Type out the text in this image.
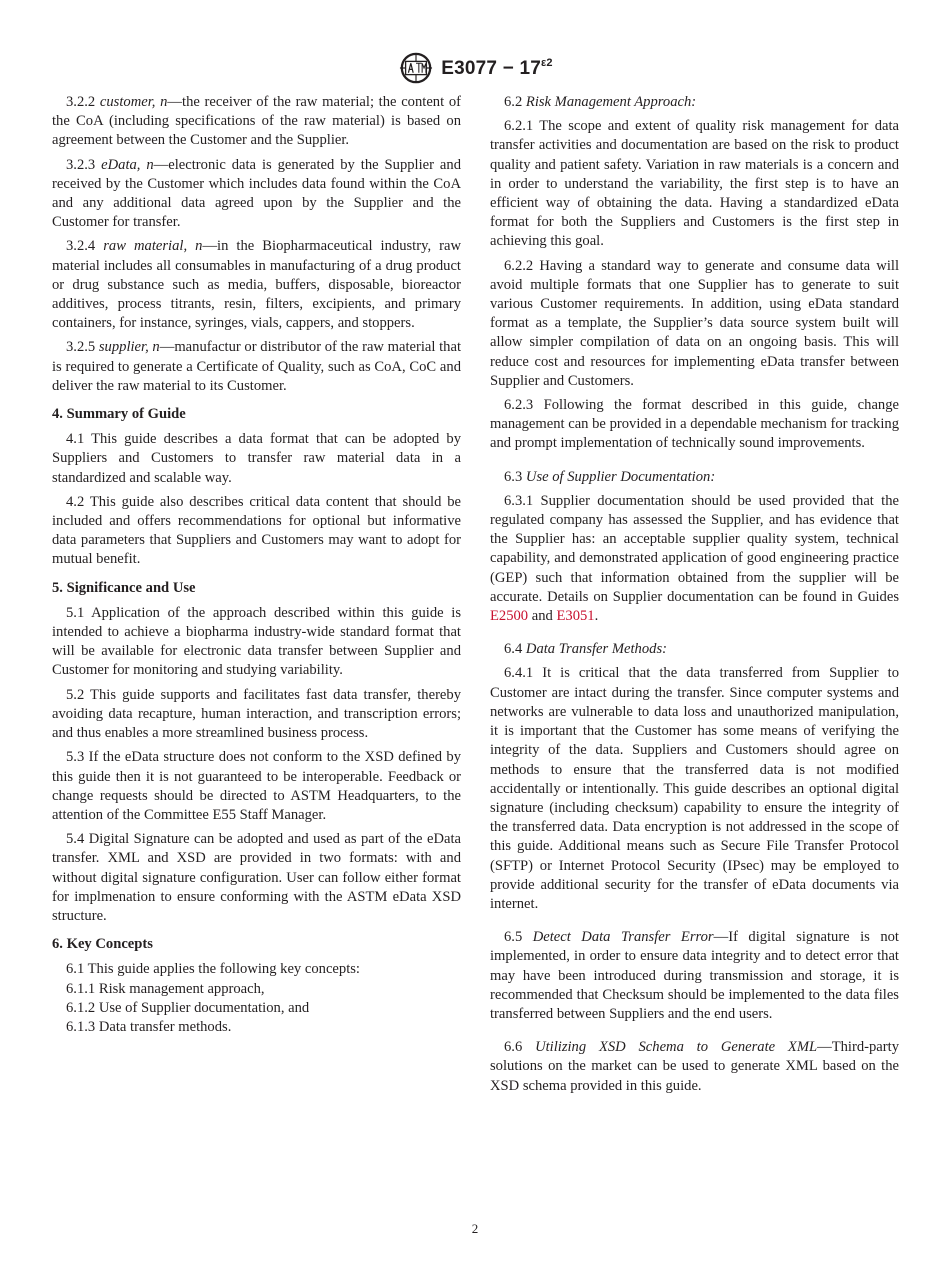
$E3077 - 17^{\varepsilon 2}$

3.2.2 customer, n—the receiver of the raw material; the content of the CoA (including specifications of the raw material) is based on agreement between the Customer and the Supplier.

3.2.3 eData, n—electronic data is generated by the Supplier and received by the Customer which includes data found within the CoA and any additional data agreed upon by the Supplier and the Customer for transfer.

3.2.4 raw material, n—in the Biopharmaceutical industry, raw material includes all consumables in manufacturing of a drug product or drug substance such as media, buffers, disposable, bioreactor additives, process titrants, resin, filters, excipients, and primary containers, for instance, syringes, vials, cappers, and stoppers.

3.2.5 supplier, n—manufactur or distributor of the raw material that is required to generate a Certificate of Quality, such as CoA, CoC and deliver the raw material to its Customer.

4. Summary of Guide

4.1 This guide describes a data format that can be adopted by Suppliers and Customers to transfer raw material data in a standardized and scalable way.

4.2 This guide also describes critical data content that should be included and offers recommendations for optional but informative data parameters that Suppliers and Customers may want to adopt for mutual benefit.

5. Significance and Use

5.1 Application of the approach described within this guide is intended to achieve a biopharma industry-wide standard format that will be available for electronic data transfer between Supplier and Customer for monitoring and studying variability.

5.2 This guide supports and facilitates fast data transfer, thereby avoiding data recapture, human interaction, and transcription errors; and thus enables a more streamlined business process.

5.3 If the eData structure does not conform to the XSD defined by this guide then it is not guaranteed to be interoperable. Feedback or change requests should be directed to ASTM Headquarters, to the attention of the Committee E55 Staff Manager.

5.4 Digital Signature can be adopted and used as part of the eData transfer. XML and XSD are provided in two formats: with and without digital signature configuration. User can follow either format for implmenation to ensure conforming with the ASTM eData XSD structure.

6. Key Concepts

6.1 This guide applies the following key concepts:

6.1.1 Risk management approach,

6.1.2 Use of Supplier documentation, and

6.1.3 Data transfer methods.

6.2 Risk Management Approach:

6.2.1 The scope and extent of quality risk management for data transfer activities and documentation are based on the risk to product quality and patient safety. Variation in raw materials is a concern and in order to understand the variability, the first step is to have an efficient way of obtaining the data. Having a standardized eData format for both the Suppliers and Customers is the first step in achieving this goal.

6.2.2 Having a standard way to generate and consume data will avoid multiple formats that one Supplier has to generate to suit various Customer requirements. In addition, using eData standard format as a template, the Supplier’s data source system built will allow simpler compilation of data on an ongoing basis. This will reduce cost and resources for implementing eData transfer between Supplier and Customers.

6.2.3 Following the format described in this guide, change management can be provided in a dependable mechanism for tracking and prompt implementation of technically sound improvements.

6.3 Use of Supplier Documentation:

6.3.1 Supplier documentation should be used provided that the regulated company has assessed the Supplier, and has evidence that the Supplier has: an acceptable supplier quality system, technical capability, and demonstrated application of good engineering practice (GEP) such that information obtained from the supplier will be accurate. Details on Supplier documentation can be found in Guides E2500 and E3051.

6.4 Data Transfer Methods:

6.4.1 It is critical that the data transferred from Supplier to Customer are intact during the transfer. Since computer systems and networks are vulnerable to data loss and unauthorized manipulation, it is important that the Customer has some means of verifying the integrity of the data. Suppliers and Customers should agree on methods to ensure that the transferred data is not modified accidentally or intentionally. This guide describes an optional digital signature (including checksum) capability to ensure the integrity of the transferred data. Data encryption is not addressed in the scope of this guide. Additional means such as Secure File Transfer Protocol (SFTP) or Internet Protocol Security (IPsec) may be employed to provide additional security for the transfer of eData documents via internet.

6.5 Detect Data Transfer Error—If digital signature is not implemented, in order to ensure data integrity and to detect error that may have been introduced during transmission and storage, it is recommended that Checksum should be implemented to the data files transferred between Suppliers and the end users.

6.6 Utilizing XSD Schema to Generate XML—Third-party solutions on the market can be used to generate XML based on the XSD schema provided in this guide.

2
